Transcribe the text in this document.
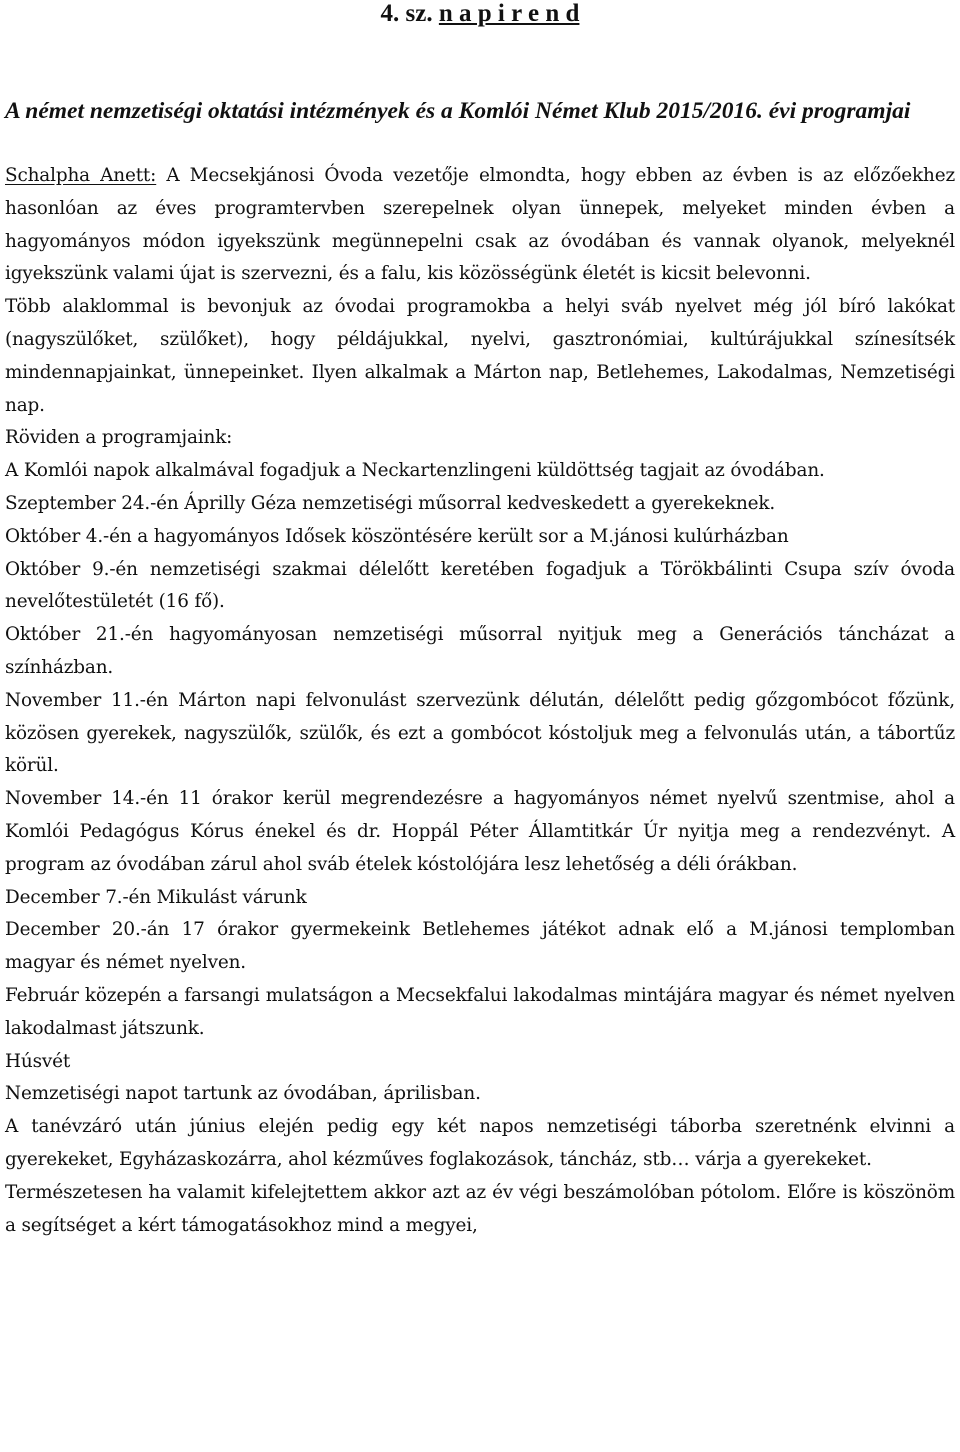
4. sz. n a p i r e n d
A német nemzetiségi oktatási intézmények és a Komlói Német Klub 2015/2016. évi programjai

Schalpha Anett: A Mecsekjánosi Óvoda vezetője elmondta, hogy ebben az évben is az előzőekhez hasonlóan az éves programtervben szerepelnek olyan ünnepek, melyeket minden évben a hagyományos módon igyekszünk megünnepelni csak az óvodában és vannak olyanok, melyeknél igyekszünk valami újat is szervezni, és a falu, kis közösségünk életét is kicsit belevonni.

Több alaklommal is bevonjuk az óvodai programokba a helyi sváb nyelvet még jól bíró lakókat (nagyszülőket, szülőket), hogy példájukkal, nyelvi, gasztronómiai, kultúrájukkal színesítsék mindennapjainkat, ünnepeinket. Ilyen alkalmak a Márton nap, Betlehemes, Lakodalmas, Nemzetiségi nap.

Röviden a programjaink:

A Komlói napok alkalmával fogadjuk a Neckartenzlingeni küldöttség tagjait az óvodában.

Szeptember 24.-én Áprilly Géza nemzetiségi műsorral kedveskedett a gyerekeknek.

Október 4.-én a hagyományos Idősek köszöntésére került sor a M.jánosi kulúrházban

Október 9.-én nemzetiségi szakmai délelőtt keretében fogadjuk a Törökbálinti Csupa szív óvoda nevelőtestületét (16 fő).

Október 21.-én hagyományosan nemzetiségi műsorral nyitjuk meg a Generációs táncházat a színházban.

November 11.-én Márton napi felvonulást szervezünk délután, délelőtt pedig gőzgombócot főzünk, közösen gyerekek, nagyszülők, szülők, és ezt a gombócot kóstoljuk meg a felvonulás után, a tábortűz körül.

November 14.-én 11 órakor kerül megrendezésre a hagyományos német nyelvű szentmise, ahol a Komlói Pedagógus Kórus énekel és dr. Hoppál Péter Államtitkár Úr nyitja meg a rendezvényt. A program az óvodában zárul ahol sváb ételek kóstolójára lesz lehetőség a déli órákban.

December 7.-én Mikulást várunk

December 20.-án 17 órakor gyermekeink Betlehemes játékot adnak elő a M.jánosi templomban magyar és német nyelven.

Február közepén a farsangi mulatságon a Mecsekfalui lakodalmas mintájára magyar és német nyelven lakodalmast játszunk.

Húsvét

Nemzetiségi napot tartunk az óvodában, áprilisban.

A tanévzáró után június elején pedig egy két napos nemzetiségi táborba szeretnénk elvinni a gyerekeket, Egyházaskozárra, ahol kézműves foglakozások, táncház, stb… várja a gyerekeket.

Természetesen ha valamit kifelejtettem akkor azt az év végi beszámolóban pótolom. Előre is köszönöm a segítséget a kért támogatásokhoz mind a megyei,
